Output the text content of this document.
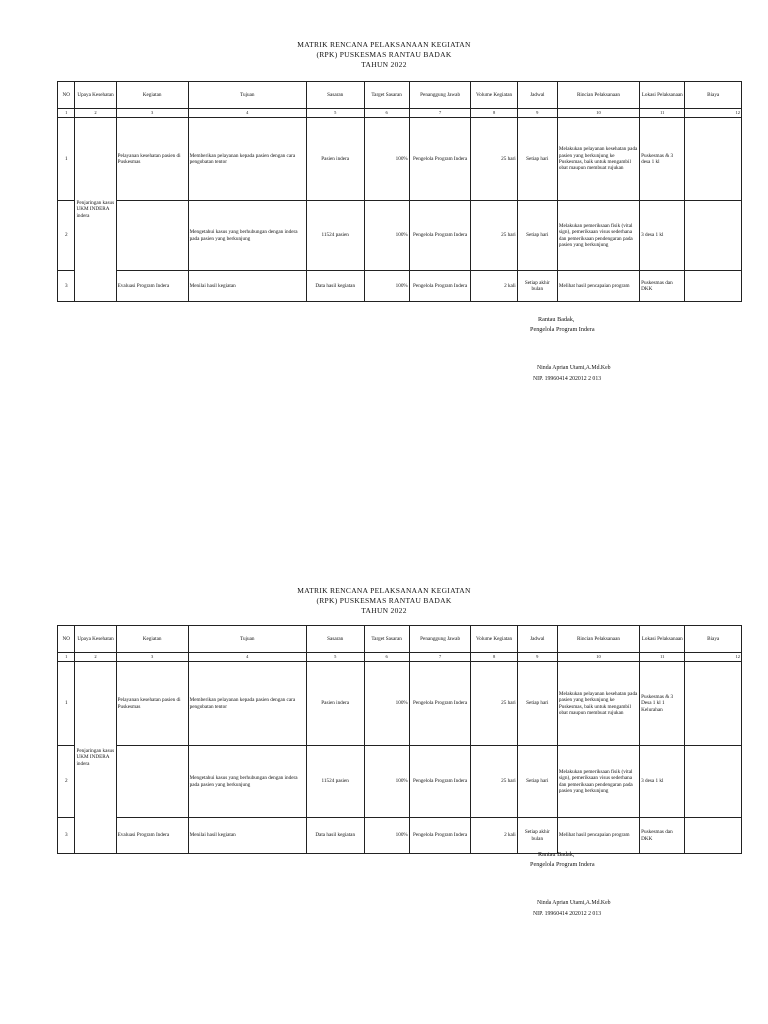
MATRIK RENCANA PELAKSANAAN KEGIATAN
(RPK) PUSKESMAS RANTAU BADAK
TAHUN 2022
NO	Upaya Kesehatan	Kegiatan	Tujuan	Sasaran	Target Sasaran	Penanggung Jawab	Volume Kegiatan	Jadwal	Rincian Pelaksanaan	Lokasi Pelaksanaan	Biaya
1	2	3	4	5	6	7	8	9	10	11	12
1	Penjaringan kasus UKM INDERA indera	Pelayanan kesehatan pasien di Puskesmas	Memberikan pelayanan kepada pasien dengan cara pengobatan tentor	Pasien indera	100%	Pengelola Program Indera	25 hari	Setiap hari	Melakukan pelayanan kesehatan pada pasien yang berkunjung ke Puskesmas, baik untuk mengambil obat maupun membuat rujukan	Puskesmas & 3 desa 1 kl	
2			Mengetahui kasus yang berhubungan dengan indera pada pasien yang berkunjung	11524 pasien	100%	Pengelola Program Indera	25 hari	Setiap hari	Melakukan pemeriksaan fisik (vital sign), pemeriksaan visus sederhana dan pemeriksaan pendengaran pada pasien yang berkunjung	3 desa 1 kl	
3		Evaluasi Program Indera	Menilai hasil kegiatan	Data hasil kegiatan	100%	Pengelola Program Indera	2 kali	Setiap akhir bulan	Melihat hasil pencapaian program	Puskesmas dan DKK	
Rantau Badak,
Pengelola Program Indera
Ninda Aprian Utami,A.Md.Keb
NIP. 19960414 202012 2 013
MATRIK RENCANA PELAKSANAAN KEGIATAN
(RPK) PUSKESMAS RANTAU BADAK
TAHUN 2022
NO	Upaya Kesehatan	Kegiatan	Tujuan	Sasaran	Target Sasaran	Penanggung Jawab	Volume Kegiatan	Jadwal	Rincian Pelaksanaan	Lokasi Pelaksanaan	Biaya
1	2	3	4	5	6	7	8	9	10	11	12
1	Penjaringan kasus UKM INDERA indera	Pelayanan kesehatan pasien di Puskesmas	Memberikan pelayanan kepada pasien dengan cara pengobatan tentor	Pasien indera	100%	Pengelola Program Indera	25 hari	Setiap hari	Melakukan pelayanan kesehatan pada pasien yang berkunjung ke Puskesmas, baik untuk mengambil obat maupun membuat rujukan	Puskesmas & 3 Desa 1 kl 1 Kelurahan	
2			Mengetahui kasus yang berhubungan dengan indera pada pasien yang berkunjung	11524 pasien	100%	Pengelola Program Indera	25 hari	Setiap hari	Melakukan pemeriksaan fisik (vital sign), pemeriksaan visus sederhana dan pemeriksaan pendengaran pada pasien yang berkunjung	3 desa 1 kl	
3		Evaluasi Program Indera	Menilai hasil kegiatan	Data hasil kegiatan	100%	Pengelola Program Indera	2 kali	Setiap akhir bulan	Melihat hasil pencapaian program	Puskesmas dan DKK	
Rantau Badak,
Pengelola Program Indera
Ninda Aprian Utami,A.Md.Keb
NIP. 19960414 202012 2 013
